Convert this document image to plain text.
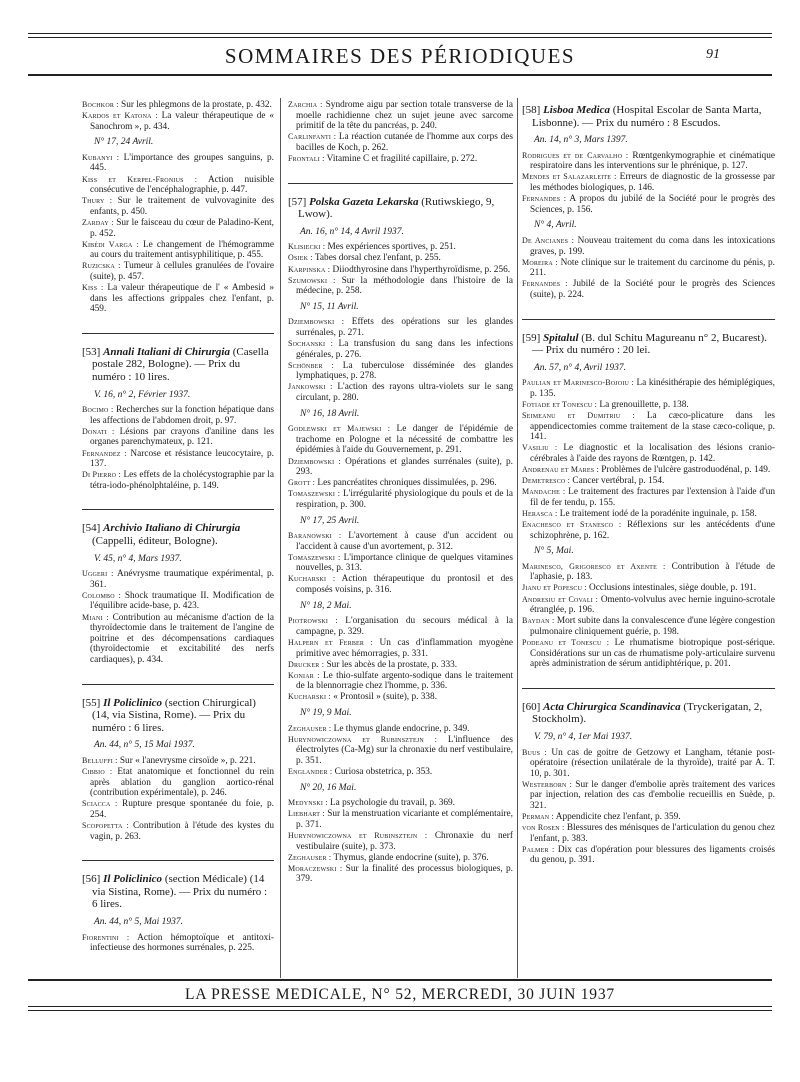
SOMMAIRES DES PÉRIODIQUES	91
Bochkor : Sur les phlegmons de la prostate, p. 432.
Kardos et Katona : La valeur thérapeutique de « Sanochrom », p. 434.
N° 17, 24 Avril.
Kubanyi : L'importance des groupes sanguins, p. 445.
Kiss et Kerpel-Fronius : Action nuisible consécutive de l'encéphalographie, p. 447.
Thury : Sur le traitement de vulvovaginite des enfants, p. 450.
Zarday : Sur le faisceau du cœur de Paladino-Kent, p. 452.
Kibédi Varga : Le changement de l'hémogramme au cours du traitement antisyphilitique, p. 455.
Ruzicska : Tumeur à cellules granulées de l'ovaire (suite), p. 457.
Kiss : La valeur thérapeutique de l' « Ambesid » dans les affections grippales chez l'enfant, p. 459.
[53] Annali Italiani di Chirurgia (Casella postale 282, Bologne). — Prix du numéro : 10 lires.
V. 16, n° 2, Février 1937.
Bocimo : Recherches sur la fonction hépatique dans les affections de l'abdomen droit, p. 97.
Donati : Lésions par crayons d'aniline dans les organes parenchymateux, p. 121.
Fernandez : Narcose et résistance leucocytaire, p. 137.
Di Pierro : Les effets de la cholécystographie par la tétra-iodo-phénolphtaléine, p. 149.
[54] Archivio Italiano di Chirurgia (Cappelli, éditeur, Bologne).
V. 45, n° 4, Mars 1937.
Uggeri : Anévrysme traumatique expérimental, p. 361.
Colombo : Shock traumatique II. Modification de l'équilibre acide-base, p. 423.
Miani : Contribution au mécanisme d'action de la thyroïdectomie dans le traitement de l'angine de poitrine et des décompensations cardiaques (thyroïdectomie et excitabilité des nerfs cardiaques), p. 434.
[55] Il Policlinico (section Chirurgical) (14, via Sistina, Rome). — Prix du numéro : 6 lires.
An. 44, n° 5, 15 Mai 1937.
Belluffi : Sur « l'anevrysme cirsoïde », p. 221.
Cibbio : Etat anatomique et fonctionnel du rein après ablation du ganglion aortico-rénal (contribution expérimentale), p. 246.
Sciacca : Rupture presque spontanée du foie, p. 254.
Scopopetta : Contribution à l'étude des kystes du vagin, p. 263.
[56] Il Policlinico (section Médicale) (14 via Sistina, Rome). — Prix du numéro : 6 lires.
An. 44, n° 5, Mai 1937.
Fiorentini : Action hémoptoïque et antitoxi-infectieuse des hormones surrénales, p. 225.
Zarchia : Syndrome aigu par section totale transverse de la moelle rachidienne chez un sujet jeune avec sarcome primitif de la tête du pancréas, p. 240.
Carlinfanti : La réaction cutanée de l'homme aux corps des bacilles de Koch, p. 262.
Frontali : Vitamine C et fragilité capillaire, p. 272.
[57] Polska Gazeta Lekarska (Rutiwskiego, 9, Lwow).
An. 16, n° 14, 4 Avril 1937.
Klisiecki : Mes expériences sportives, p. 251.
Osiek : Tabes dorsal chez l'enfant, p. 255.
Karpinska : Diiodthyrosine dans l'hyperthyroïdisme, p. 256.
Szumowski : Sur la méthodologie dans l'histoire de la médecine, p. 258.
N° 15, 11 Avril.
Dziembowski : Effets des opérations sur les glandes surrénales, p. 271.
Sochanski : La transfusion du sang dans les infections générales, p. 276.
Schönber : La tuberculose disséminée des glandes lymphatiques, p. 278.
Jankowski : L'action des rayons ultra-violets sur le sang circulant, p. 280.
N° 16, 18 Avril.
Godlewski et Majewski : Le danger de l'épidémie de trachome en Pologne et la nécessité de combattre les épidémies à l'aide du Gouvernement, p. 291.
Dziembowski : Opérations et glandes surrénales (suite), p. 293.
Grott : Les pancréatites chroniques dissimulées, p. 296.
Tomaszewski : L'irrégularité physiologique du pouls et de la respiration, p. 300.
N° 17, 25 Avril.
Baranowski : L'avortement à cause d'un accident ou l'accident à cause d'un avortement, p. 312.
Tomaszewski : L'importance clinique de quelques vitamines nouvelles, p. 313.
Kucharski : Action thérapeutique du prontosil et des composés voisins, p. 316.
N° 18, 2 Mai.
Piotrowski : L'organisation du secours médical à la campagne, p. 329.
Halpern et Ferber : Un cas d'inflammation myogène primitive avec hémorragies, p. 331.
Drucker : Sur les abcès de la prostate, p. 333.
Koniar : Le thio-sulfate argento-sodique dans le traitement de la blennorragie chez l'homme, p. 336.
Kucharski : « Prontosil » (suite), p. 338.
N° 19, 9 Mai.
Zeghauser : Le thymus glande endocrine, p. 349.
Hurynowiczowna et Rubinsztejn : L'influence des électrolytes (Ca-Mg) sur la chronaxie du nerf vestibulaire, p. 351.
Englander : Curiosa obstetrica, p. 353.
N° 20, 16 Mai.
Medynski : La psychologie du travail, p. 369.
Liebhart : Sur la menstruation vicariante et complémentaire, p. 371.
Hurynowiczowna et Rubinsztejn : Chronaxie du nerf vestibulaire (suite), p. 373.
Zeghauser : Thymus, glande endocrine (suite), p. 376.
Moraczewski : Sur la finalité des processus biologiques, p. 379.
[58] Lisboa Medica (Hospital Escolar de Santa Marta, Lisbonne). — Prix du numéro : 8 Escudos.
An. 14, n° 3, Mars 1397.
Rodrigues et de Carvalho : Rœntgenkymographie et cinématique respiratoire dans les interventions sur le phrénique, p. 127.
Mendes et Salazarleite : Erreurs de diagnostic de la grossesse par les méthodes biologiques, p. 146.
Fernandes : A propos du jubilé de la Société pour le progrès des Sciences, p. 156.
N° 4, Avril.
De Ancianes : Nouveau traitement du coma dans les intoxications graves, p. 199.
Moreira : Note clinique sur le traitement du carcinome du pénis, p. 211.
Fernandes : Jubilé de la Société pour le progrès des Sciences (suite), p. 224.
[59] Spitalul (B. dul Schitu Magureanu n° 2, Bucarest). — Prix du numéro : 20 lei.
An. 57, n° 4, Avril 1937.
Paulian et Marinesco-Bojoiu : La kinésithérapie des hémiplégiques, p. 135.
Fotiade et Tonescu : La grenouillette, p. 138.
Seimeanu et Dumitriu : La cæco-plicature dans les appendicectomies comme traitement de la stase cæco-colique, p. 141.
Vasiliu : Le diagnostic et la localisation des lésions cranio-cérébrales à l'aide des rayons de Rœntgen, p. 142.
Andrenau et Mares : Problèmes de l'ulcère gastroduodénal, p. 149.
Demetresco : Cancer vertébral, p. 154.
Mandache : Le traitement des fractures par l'extension à l'aide d'un fil de fer tendu, p. 155.
Herasca : Le traitement iodé de la poradénite inguinale, p. 158.
Enachesco et Stanesco : Réflexions sur les antécédents d'une schizophrène, p. 162.
N° 5, Mai.
Marinesco, Grigoresco et Axente : Contribution à l'étude de l'aphasie, p. 183.
Jianu et Popescu : Occlusions intestinales, siège double, p. 191.
Andresiu et Covali : Omento-volvulus avec hernie inguino-scrotale étranglée, p. 196.
Baydan : Mort subite dans la convalescence d'une légère congestion pulmonaire cliniquement guérie, p. 198.
Podeanu et Tonescu : Le rhumatisme biotropique post-sérique. Considérations sur un cas de rhumatisme poly-articulaire survenu après administration de sérum antidiphtérique, p. 201.
[60] Acta Chirurgica Scandinavica (Tryckerigatan, 2, Stockholm).
V. 79, n° 4, 1er Mai 1937.
Buus : Un cas de goitre de Getzowy et Langham, tétanie post-opératoire (résection unilatérale de la thyroïde), traité par A. T. 10, p. 301.
Westerborn : Sur le danger d'embolie après traitement des varices par injection, relation des cas d'embolie recueillis en Suède, p. 321.
Perman : Appendicite chez l'enfant, p. 359.
von Rosen : Blessures des ménisques de l'articulation du genou chez l'enfant, p. 383.
Palmer : Dix cas d'opération pour blessures des ligaments croisés du genou, p. 391.
LA PRESSE MEDICALE, N° 52, MERCREDI, 30 JUIN 1937
